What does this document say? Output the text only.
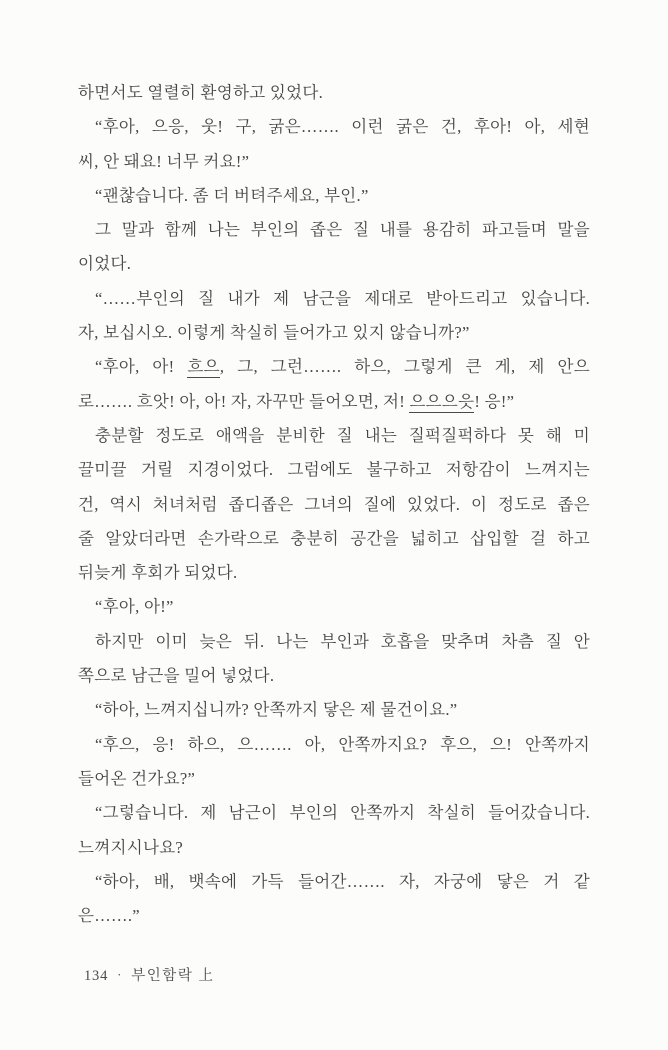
하면서도 열렬히 환영하고 있었다.
“후아, 으응, 웃! 구, 굵은……. 이런 굵은 건, 후아! 아, 세현
씨, 안 돼요! 너무 커요!”
“괜찮습니다. 좀 더 버텨주세요, 부인.”
그 말과 함께 나는 부인의 좁은 질 내를 용감히 파고들며 말을
이었다.
“……부인의 질 내가 제 남근을 제대로 받아드리고 있습니다.
자, 보십시오. 이렇게 착실히 들어가고 있지 않습니까?”
“후아, 아! 흐으, 그, 그런……. 하으, 그렇게 큰 게, 제 안으
로……. 흐앗! 아, 아! 자, 자꾸만 들어오면, 저! 으으으읏! 응!”
충분할 정도로 애액을 분비한 질 내는 질퍽질퍽하다 못 해 미
끌미끌 거릴 지경이었다. 그럼에도 불구하고 저항감이 느껴지는
건, 역시 처녀처럼 좁디좁은 그녀의 질에 있었다. 이 정도로 좁은
줄 알았더라면 손가락으로 충분히 공간을 넓히고 삽입할 걸 하고
뒤늦게 후회가 되었다.
“후아, 아!”
하지만 이미 늦은 뒤. 나는 부인과 호흡을 맞추며 차츰 질 안
쪽으로 남근을 밀어 넣었다.
“하아, 느껴지십니까? 안쪽까지 닿은 제 물건이요.”
“후으, 응! 하으, 으……. 아, 안쪽까지요? 후으, 으! 안쪽까지
들어온 건가요?”
“그렇습니다. 제 남근이 부인의 안쪽까지 착실히 들어갔습니다.
느껴지시나요?
“하아, 배, 뱃속에 가득 들어간……. 자, 자궁에 닿은 거 같
은…….”
134 · 부인함락 上
